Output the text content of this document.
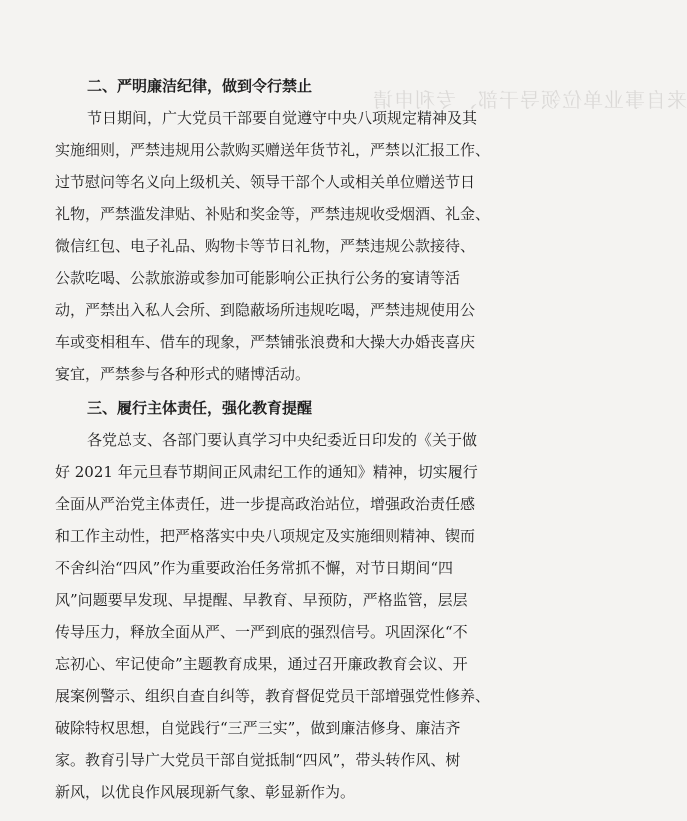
来自事业单位领导干部、专利申请
二、严明廉洁纪律，做到令行禁止
节日期间，广大党员干部要自觉遵守中央八项规定精神及其
实施细则，严禁违规用公款购买赠送年货节礼，严禁以汇报工作、
过节慰问等名义向上级机关、领导干部个人或相关单位赠送节日
礼物，严禁滥发津贴、补贴和奖金等，严禁违规收受烟酒、礼金、
微信红包、电子礼品、购物卡等节日礼物，严禁违规公款接待、
公款吃喝、公款旅游或参加可能影响公正执行公务的宴请等活
动，严禁出入私人会所、到隐蔽场所违规吃喝，严禁违规使用公
车或变相租车、借车的现象，严禁铺张浪费和大操大办婚丧喜庆
宴宜，严禁参与各种形式的赌博活动。
三、履行主体责任，强化教育提醒
各党总支、各部门要认真学习中央纪委近日印发的《关于做
好 2021 年元旦春节期间正风肃纪工作的通知》精神，切实履行
全面从严治党主体责任，进一步提高政治站位，增强政治责任感
和工作主动性，把严格落实中央八项规定及实施细则精神、锲而
不舍纠治“四风”作为重要政治任务常抓不懈，对节日期间“四
风”问题要早发现、早提醒、早教育、早预防，严格监管，层层
传导压力，释放全面从严、一严到底的强烈信号。巩固深化“不
忘初心、牢记使命”主题教育成果，通过召开廉政教育会议、开
展案例警示、组织自查自纠等，教育督促党员干部增强党性修养、
破除特权思想，自觉践行“三严三实”，做到廉洁修身、廉洁齐
家。教育引导广大党员干部自觉抵制“四风”，带头转作风、树
新风，以优良作风展现新气象、彰显新作为。
